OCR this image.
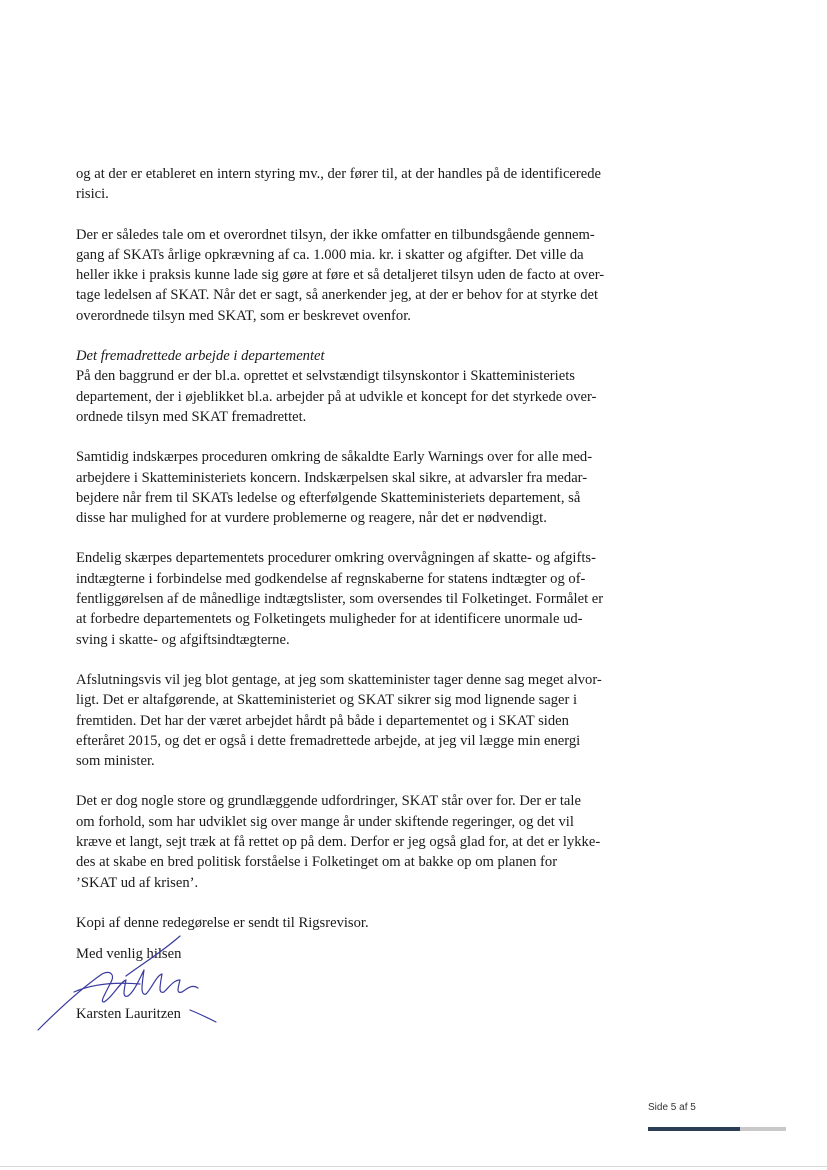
og at der er etableret en intern styring mv., der fører til, at der handles på de identificerede
risici.

Der er således tale om et overordnet tilsyn, der ikke omfatter en tilbundsgående gennem-
gang af SKATs årlige opkrævning af ca. 1.000 mia. kr. i skatter og afgifter. Det ville da
heller ikke i praksis kunne lade sig gøre at føre et så detaljeret tilsyn uden de facto at over-
tage ledelsen af SKAT. Når det er sagt, så anerkender jeg, at der er behov for at styrke det
overordnede tilsyn med SKAT, som er beskrevet ovenfor.

Det fremadrettede arbejde i departementet
På den baggrund er der bl.a. oprettet et selvstændigt tilsynskontor i Skatteministeriets
departement, der i øjeblikket bl.a. arbejder på at udvikle et koncept for det styrkede over-
ordnede tilsyn med SKAT fremadrettet.

Samtidig indskærpes proceduren omkring de såkaldte Early Warnings over for alle med-
arbejdere i Skatteministeriets koncern. Indskærpelsen skal sikre, at advarsler fra medar-
bejdere når frem til SKATs ledelse og efterfølgende Skatteministeriets departement, så
disse har mulighed for at vurdere problemerne og reagere, når det er nødvendigt.

Endelig skærpes departementets procedurer omkring overvågningen af skatte- og afgifts-
indtægterne i forbindelse med godkendelse af regnskaberne for statens indtægter og of-
fentliggørelsen af de månedlige indtægtslister, som oversendes til Folketinget. Formålet er
at forbedre departementets og Folketingets muligheder for at identificere unormale ud-
sving i skatte- og afgiftsindtægterne.

Afslutningsvis vil jeg blot gentage, at jeg som skatteminister tager denne sag meget alvor-
ligt. Det er altafgørende, at Skatteministeriet og SKAT sikrer sig mod lignende sager i
fremtiden. Det har der været arbejdet hårdt på både i departementet og i SKAT siden
efteråret 2015, og det er også i dette fremadrettede arbejde, at jeg vil lægge min energi
som minister.

Det er dog nogle store og grundlæggende udfordringer, SKAT står over for. Der er tale
om forhold, som har udviklet sig over mange år under skiftende regeringer, og det vil
kræve et langt, sejt træk at få rettet op på dem. Derfor er jeg også glad for, at det er lykke-
des at skabe en bred politisk forståelse i Folketinget om at bakke op om planen for
’SKAT ud af krisen’.

Kopi af denne redegørelse er sendt til Rigsrevisor.

Med venlig hilsen
Karsten Lauritzen
Side 5 af 5
